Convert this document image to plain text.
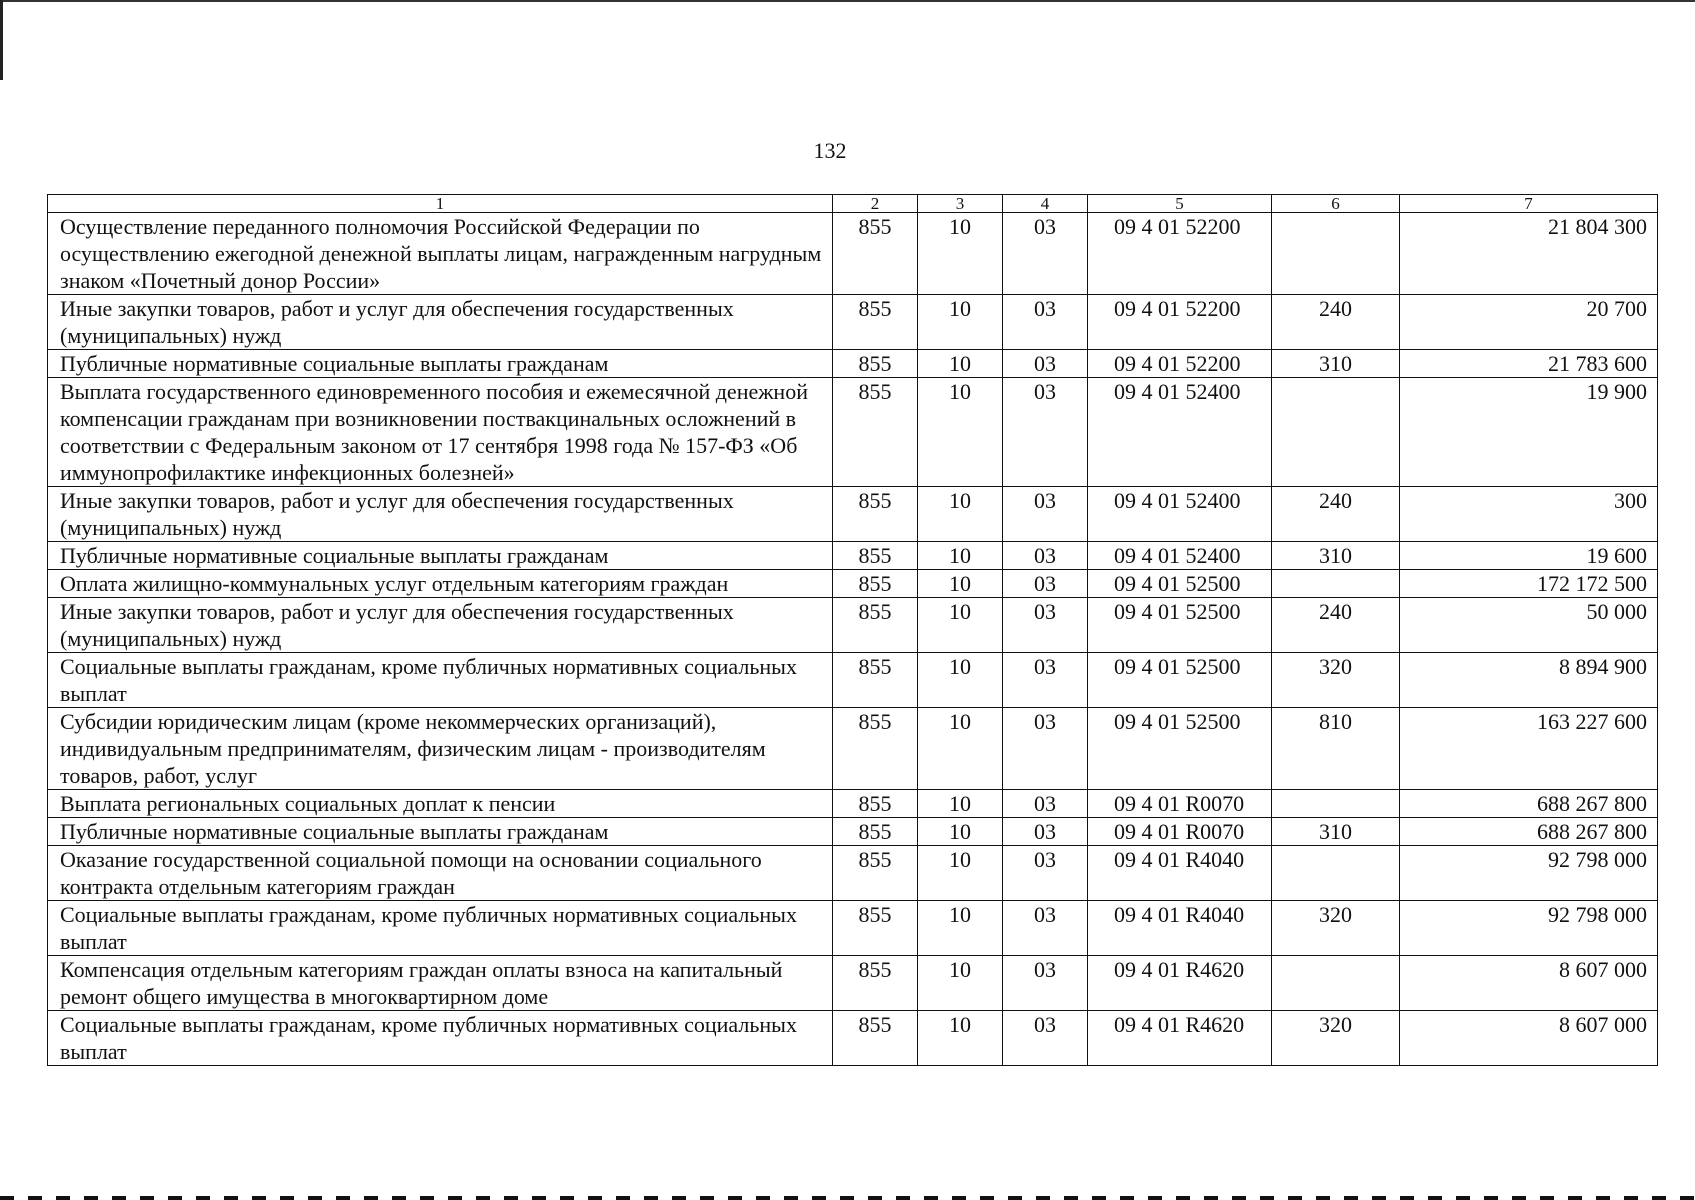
132
1	2	3	4	5	6	7
Осуществление переданного полномочия Российской Федерации по осуществлению ежегодной денежной выплаты лицам, награжденным нагрудным знаком «Почетный донор России»	855	10	03	09 4 01 52200		21 804 300
Иные закупки товаров, работ и услуг для обеспечения государственных (муниципальных) нужд	855	10	03	09 4 01 52200	240	20 700
Публичные нормативные социальные выплаты гражданам	855	10	03	09 4 01 52200	310	21 783 600
Выплата государственного единовременного пособия и ежемесячной денежной компенсации гражданам при возникновении поствакцинальных осложнений в соответствии с Федеральным законом от 17 сентября 1998 года № 157-ФЗ «Об иммунопрофилактике инфекционных болезней»	855	10	03	09 4 01 52400		19 900
Иные закупки товаров, работ и услуг для обеспечения государственных (муниципальных) нужд	855	10	03	09 4 01 52400	240	300
Публичные нормативные социальные выплаты гражданам	855	10	03	09 4 01 52400	310	19 600
Оплата жилищно-коммунальных услуг отдельным категориям граждан	855	10	03	09 4 01 52500		172 172 500
Иные закупки товаров, работ и услуг для обеспечения государственных (муниципальных) нужд	855	10	03	09 4 01 52500	240	50 000
Социальные выплаты гражданам, кроме публичных нормативных социальных выплат	855	10	03	09 4 01 52500	320	8 894 900
Субсидии юридическим лицам (кроме некоммерческих организаций), индивидуальным предпринимателям, физическим лицам - производителям товаров, работ, услуг	855	10	03	09 4 01 52500	810	163 227 600
Выплата региональных социальных доплат к пенсии	855	10	03	09 4 01 R0070		688 267 800
Публичные нормативные социальные выплаты гражданам	855	10	03	09 4 01 R0070	310	688 267 800
Оказание государственной социальной помощи на основании социального контракта отдельным категориям граждан	855	10	03	09 4 01 R4040		92 798 000
Социальные выплаты гражданам, кроме публичных нормативных социальных выплат	855	10	03	09 4 01 R4040	320	92 798 000
Компенсация отдельным категориям граждан оплаты взноса на капитальный ремонт общего имущества в многоквартирном доме	855	10	03	09 4 01 R4620		8 607 000
Социальные выплаты гражданам, кроме публичных нормативных социальных выплат	855	10	03	09 4 01 R4620	320	8 607 000
